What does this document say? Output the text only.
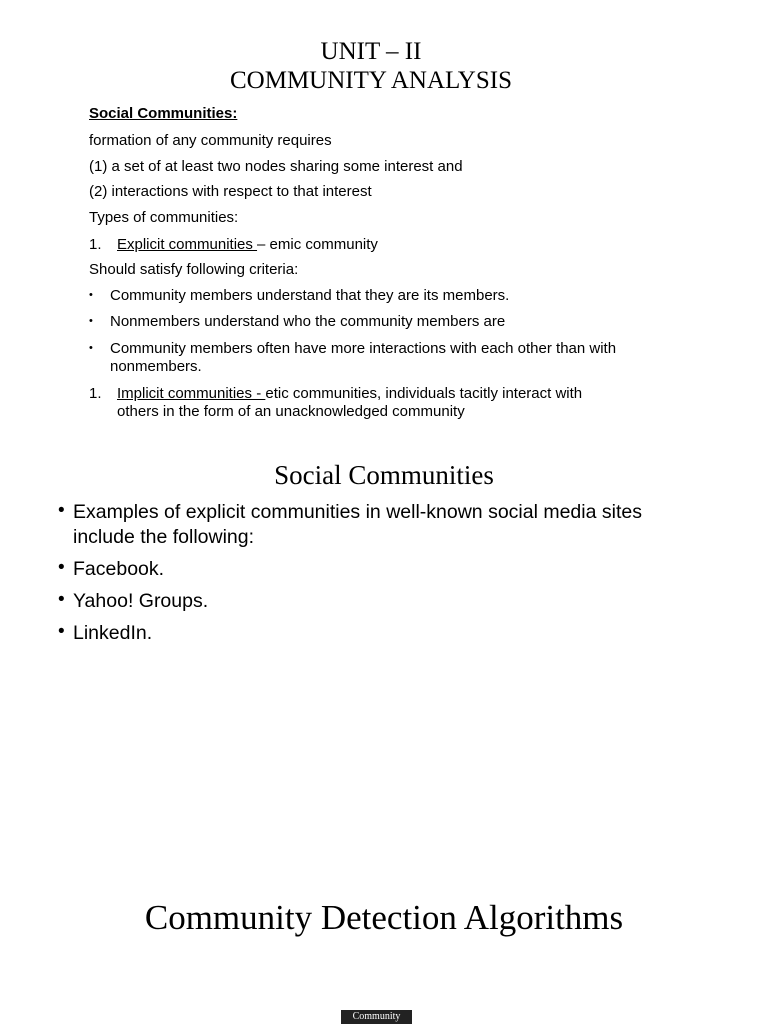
UNIT – II
COMMUNITY ANALYSIS
Social Communities:
formation of any community requires
(1) a set of at least two nodes sharing some interest and
(2) interactions with respect to that interest
Types of communities:
1. Explicit communities – emic community
Should satisfy following criteria:
• Community members understand that they are its members.
• Nonmembers understand who the community members are
• Community members often have more interactions with each other than with
nonmembers.
1. Implicit communities - etic communities, individuals tacitly interact with
others in the form of an unacknowledged community
Social Communities
• Examples of explicit communities in well-known social media sites
include the following:
• Facebook.
• Yahoo! Groups.
• LinkedIn.
Community Detection Algorithms
Community
